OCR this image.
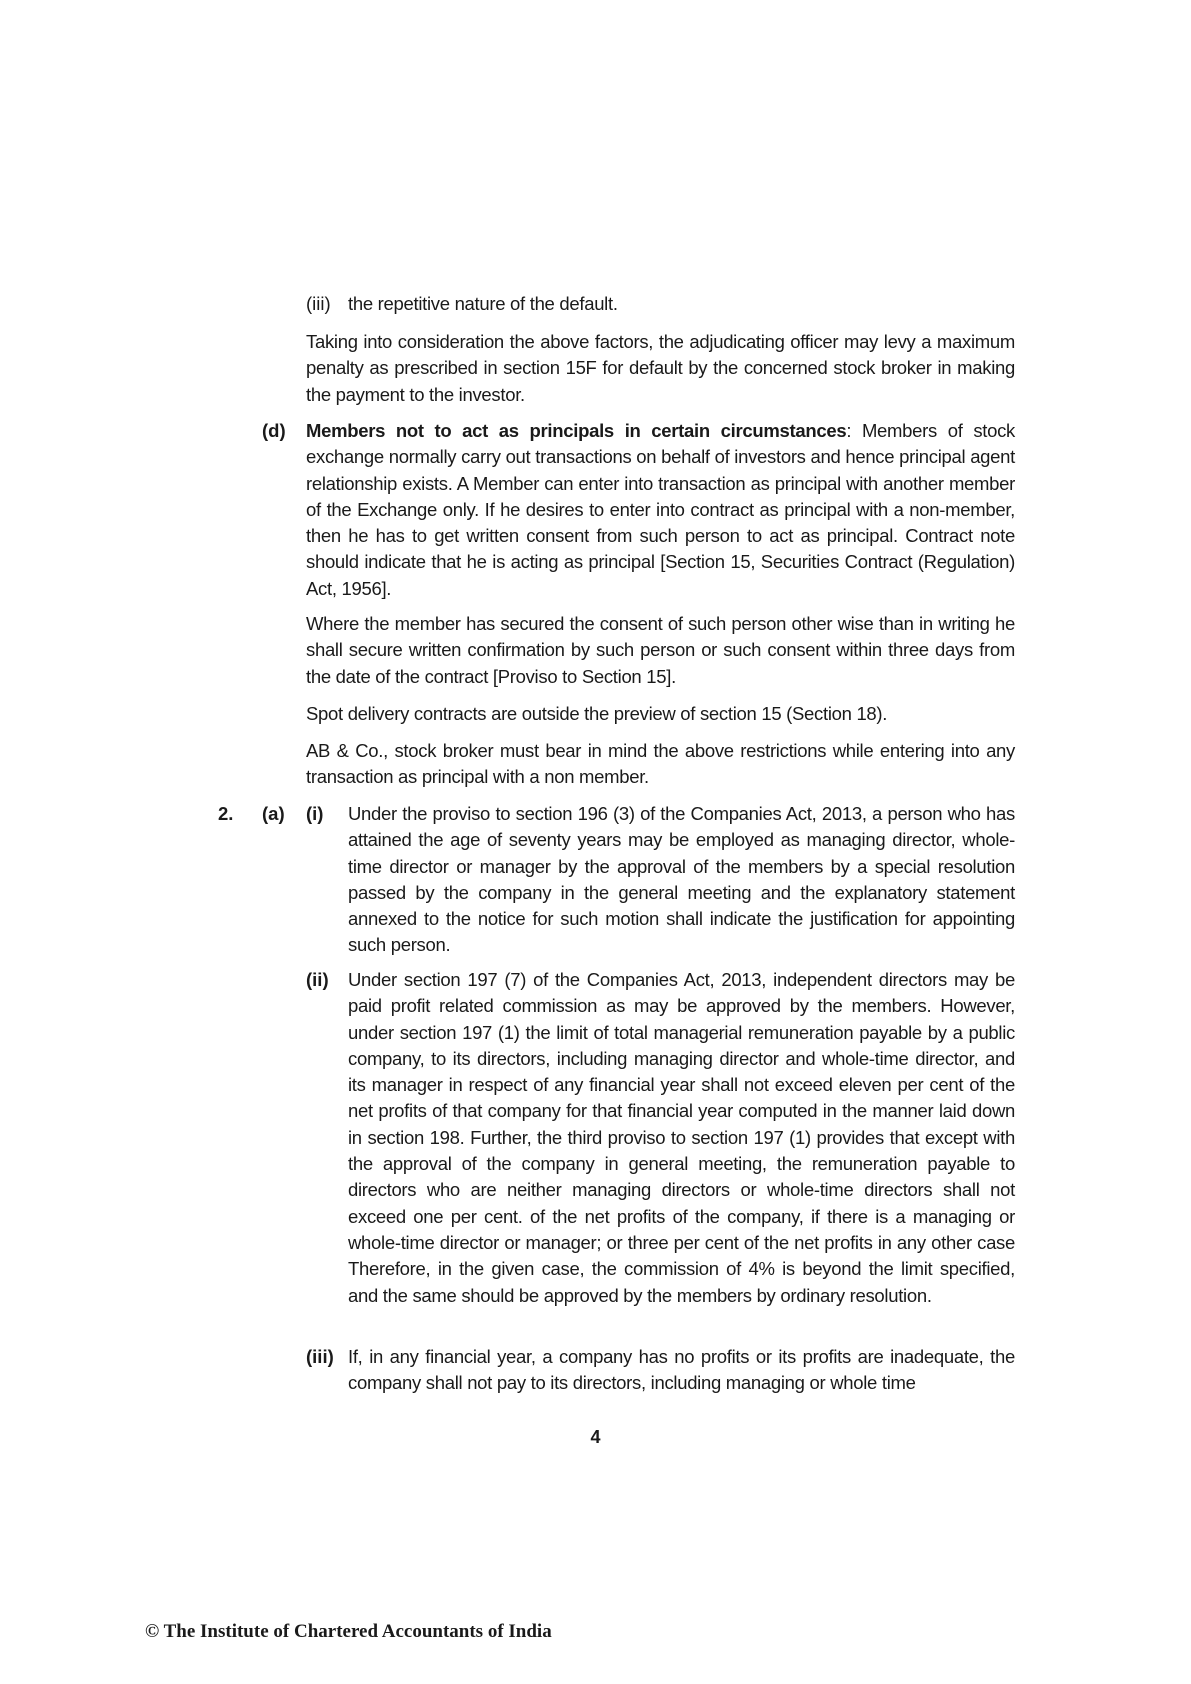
(iii) the repetitive nature of the default.
Taking into consideration the above factors, the adjudicating officer may levy a maximum penalty as prescribed in section 15F for default by the concerned stock broker in making the payment to the investor.
(d) Members not to act as principals in certain circumstances: Members of stock exchange normally carry out transactions on behalf of investors and hence principal agent relationship exists. A Member can enter into transaction as principal with another member of the Exchange only. If he desires to enter into contract as principal with a non-member, then he has to get written consent from such person to act as principal. Contract note should indicate that he is acting as principal [Section 15, Securities Contract (Regulation) Act, 1956].
Where the member has secured the consent of such person other wise than in writing he shall secure written confirmation by such person or such consent within three days from the date of the contract [Proviso to Section 15].
Spot delivery contracts are outside the preview of section 15 (Section 18).
AB & Co., stock broker must bear in mind the above restrictions while entering into any transaction as principal with a non member.
2. (a) (i) Under the proviso to section 196 (3) of the Companies Act, 2013, a person who has attained the age of seventy years may be employed as managing director, whole-time director or manager by the approval of the members by a special resolution passed by the company in the general meeting and the explanatory statement annexed to the notice for such motion shall indicate the justification for appointing such person.
(ii) Under section 197 (7) of the Companies Act, 2013, independent directors may be paid profit related commission as may be approved by the members. However, under section 197 (1) the limit of total managerial remuneration payable by a public company, to its directors, including managing director and whole-time director, and its manager in respect of any financial year shall not exceed eleven per cent of the net profits of that company for that financial year computed in the manner laid down in section 198. Further, the third proviso to section 197 (1) provides that except with the approval of the company in general meeting, the remuneration payable to directors who are neither managing directors or whole-time directors shall not exceed one per cent. of the net profits of the company, if there is a managing or whole-time director or manager; or three per cent of the net profits in any other case Therefore, in the given case, the commission of 4% is beyond the limit specified, and the same should be approved by the members by ordinary resolution.
(iii) If, in any financial year, a company has no profits or its profits are inadequate, the company shall not pay to its directors, including managing or whole time
4
© The Institute of Chartered Accountants of India
